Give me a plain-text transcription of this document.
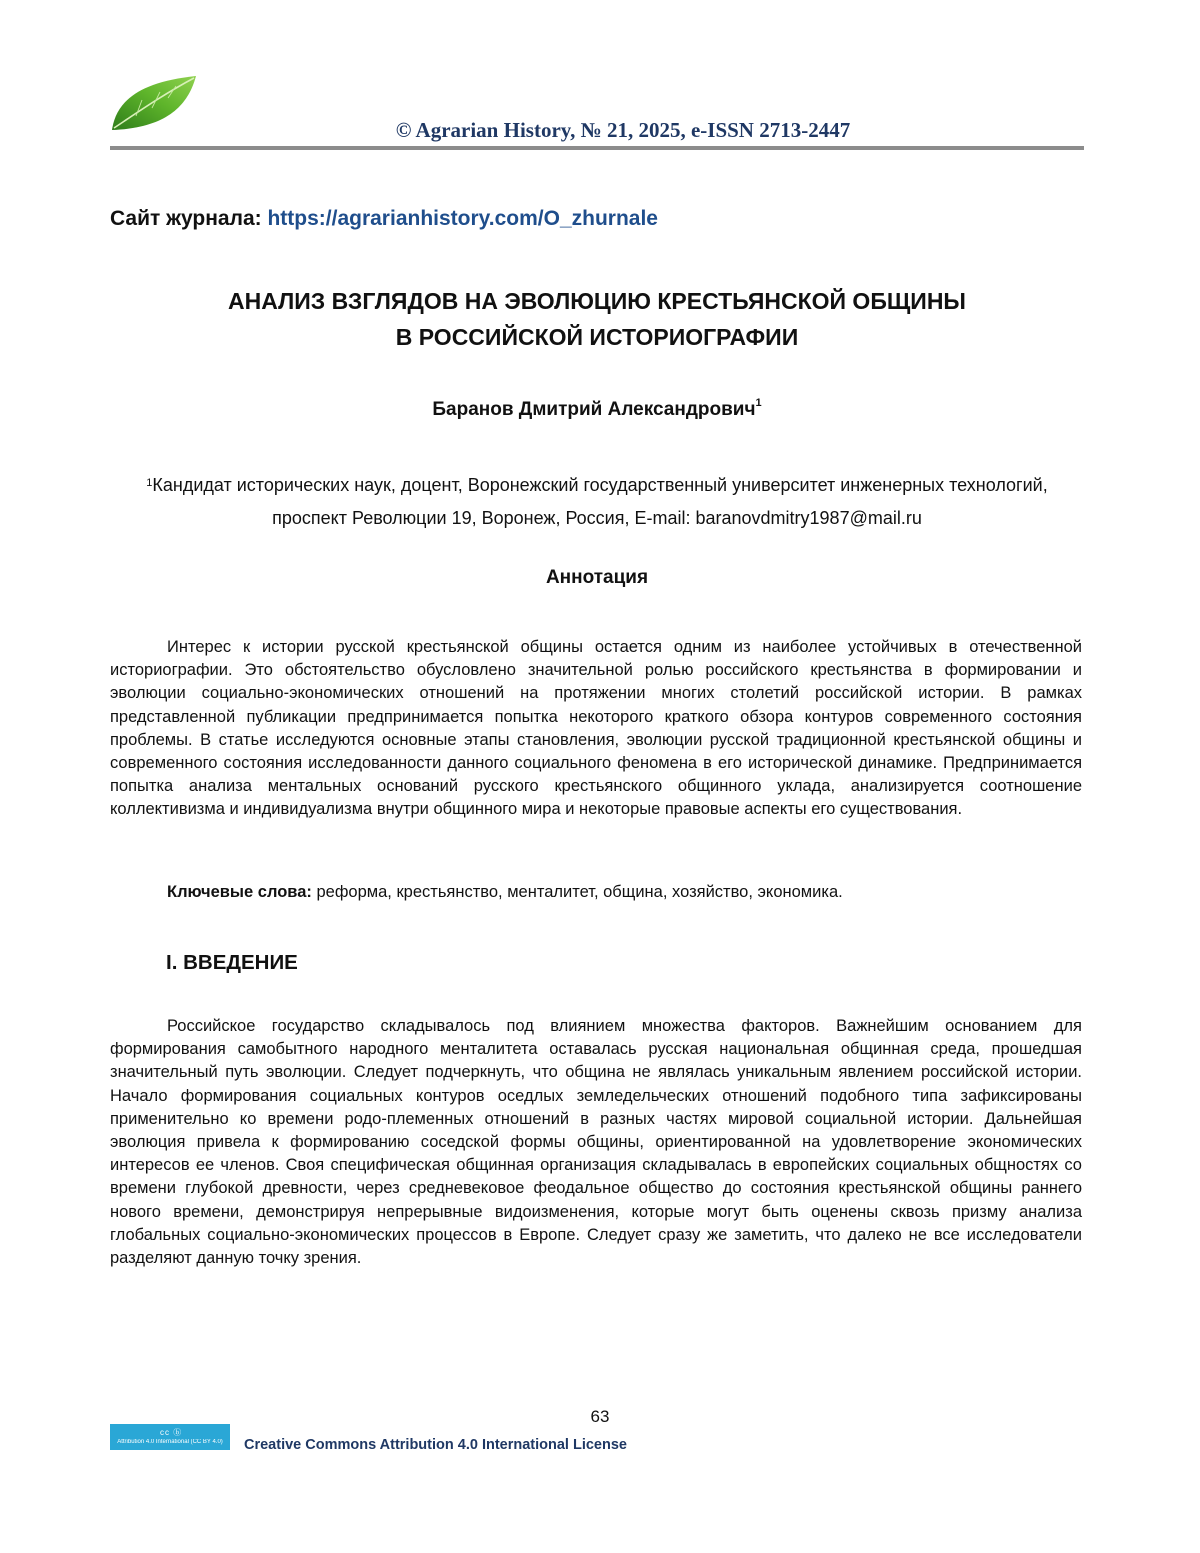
© Agrarian History, № 21, 2025, e-ISSN 2713-2447
Сайт журнала: https://agrarianhistory.com/O_zhurnale
АНАЛИЗ ВЗГЛЯДОВ НА ЭВОЛЮЦИЮ КРЕСТЬЯНСКОЙ ОБЩИНЫ
В РОССИЙСКОЙ ИСТОРИОГРАФИИ
Баранов Дмитрий Александрович$^1$
$^1$Кандидат исторических наук, доцент, Воронежский государственный университет инженерных технологий, проспект Революции 19, Воронеж, Россия, E-mail: baranovdmitry1987@mail.ru
Аннотация

Интерес к истории русской крестьянской общины остается одним из наиболее устойчивых в отечественной историографии. Это обстоятельство обусловлено значительной ролью российского крестьянства в формировании и эволюции социально-экономических отношений на протяжении многих столетий российской истории. В рамках представленной публикации предпринимается попытка некоторого краткого обзора контуров современного состояния проблемы. В статье исследуются основные этапы становления, эволюции русской традиционной крестьянской общины и современного состояния исследованности данного социального феномена в его исторической динамике. Предпринимается попытка анализа ментальных оснований русского крестьянского общинного уклада, анализируется соотношение коллективизма и индивидуализма внутри общинного мира и некоторые правовые аспекты его существования.

Ключевые слова: реформа, крестьянство, менталитет, община, хозяйство, экономика.
I. ВВЕДЕНИЕ

Российское государство складывалось под влиянием множества факторов. Важнейшим основанием для формирования самобытного народного менталитета оставалась русская национальная общинная среда, прошедшая значительный путь эволюции. Следует подчеркнуть, что община не являлась уникальным явлением российской истории. Начало формирования социальных контуров оседлых земледельческих отношений подобного типа зафиксированы применительно ко времени родо-племенных отношений в разных частях мировой социальной истории. Дальнейшая эволюция привела к формированию соседской формы общины, ориентированной на удовлетворение экономических интересов ее членов. Своя специфическая общинная организация складывалась в европейских социальных общностях со времени глубокой древности, через средневековое феодальное общество до состояния крестьянской общины раннего нового времени, демонстрируя непрерывные видоизменения, которые могут быть оценены сквозь призму анализа глобальных социально-экономических процессов в Европе. Следует сразу же заметить, что далеко не все исследователи разделяют данную точку зрения.

63
cc ⓑ
Attribution 4.0 International (CC BY 4.0)	Creative Commons Attribution 4.0 International License
